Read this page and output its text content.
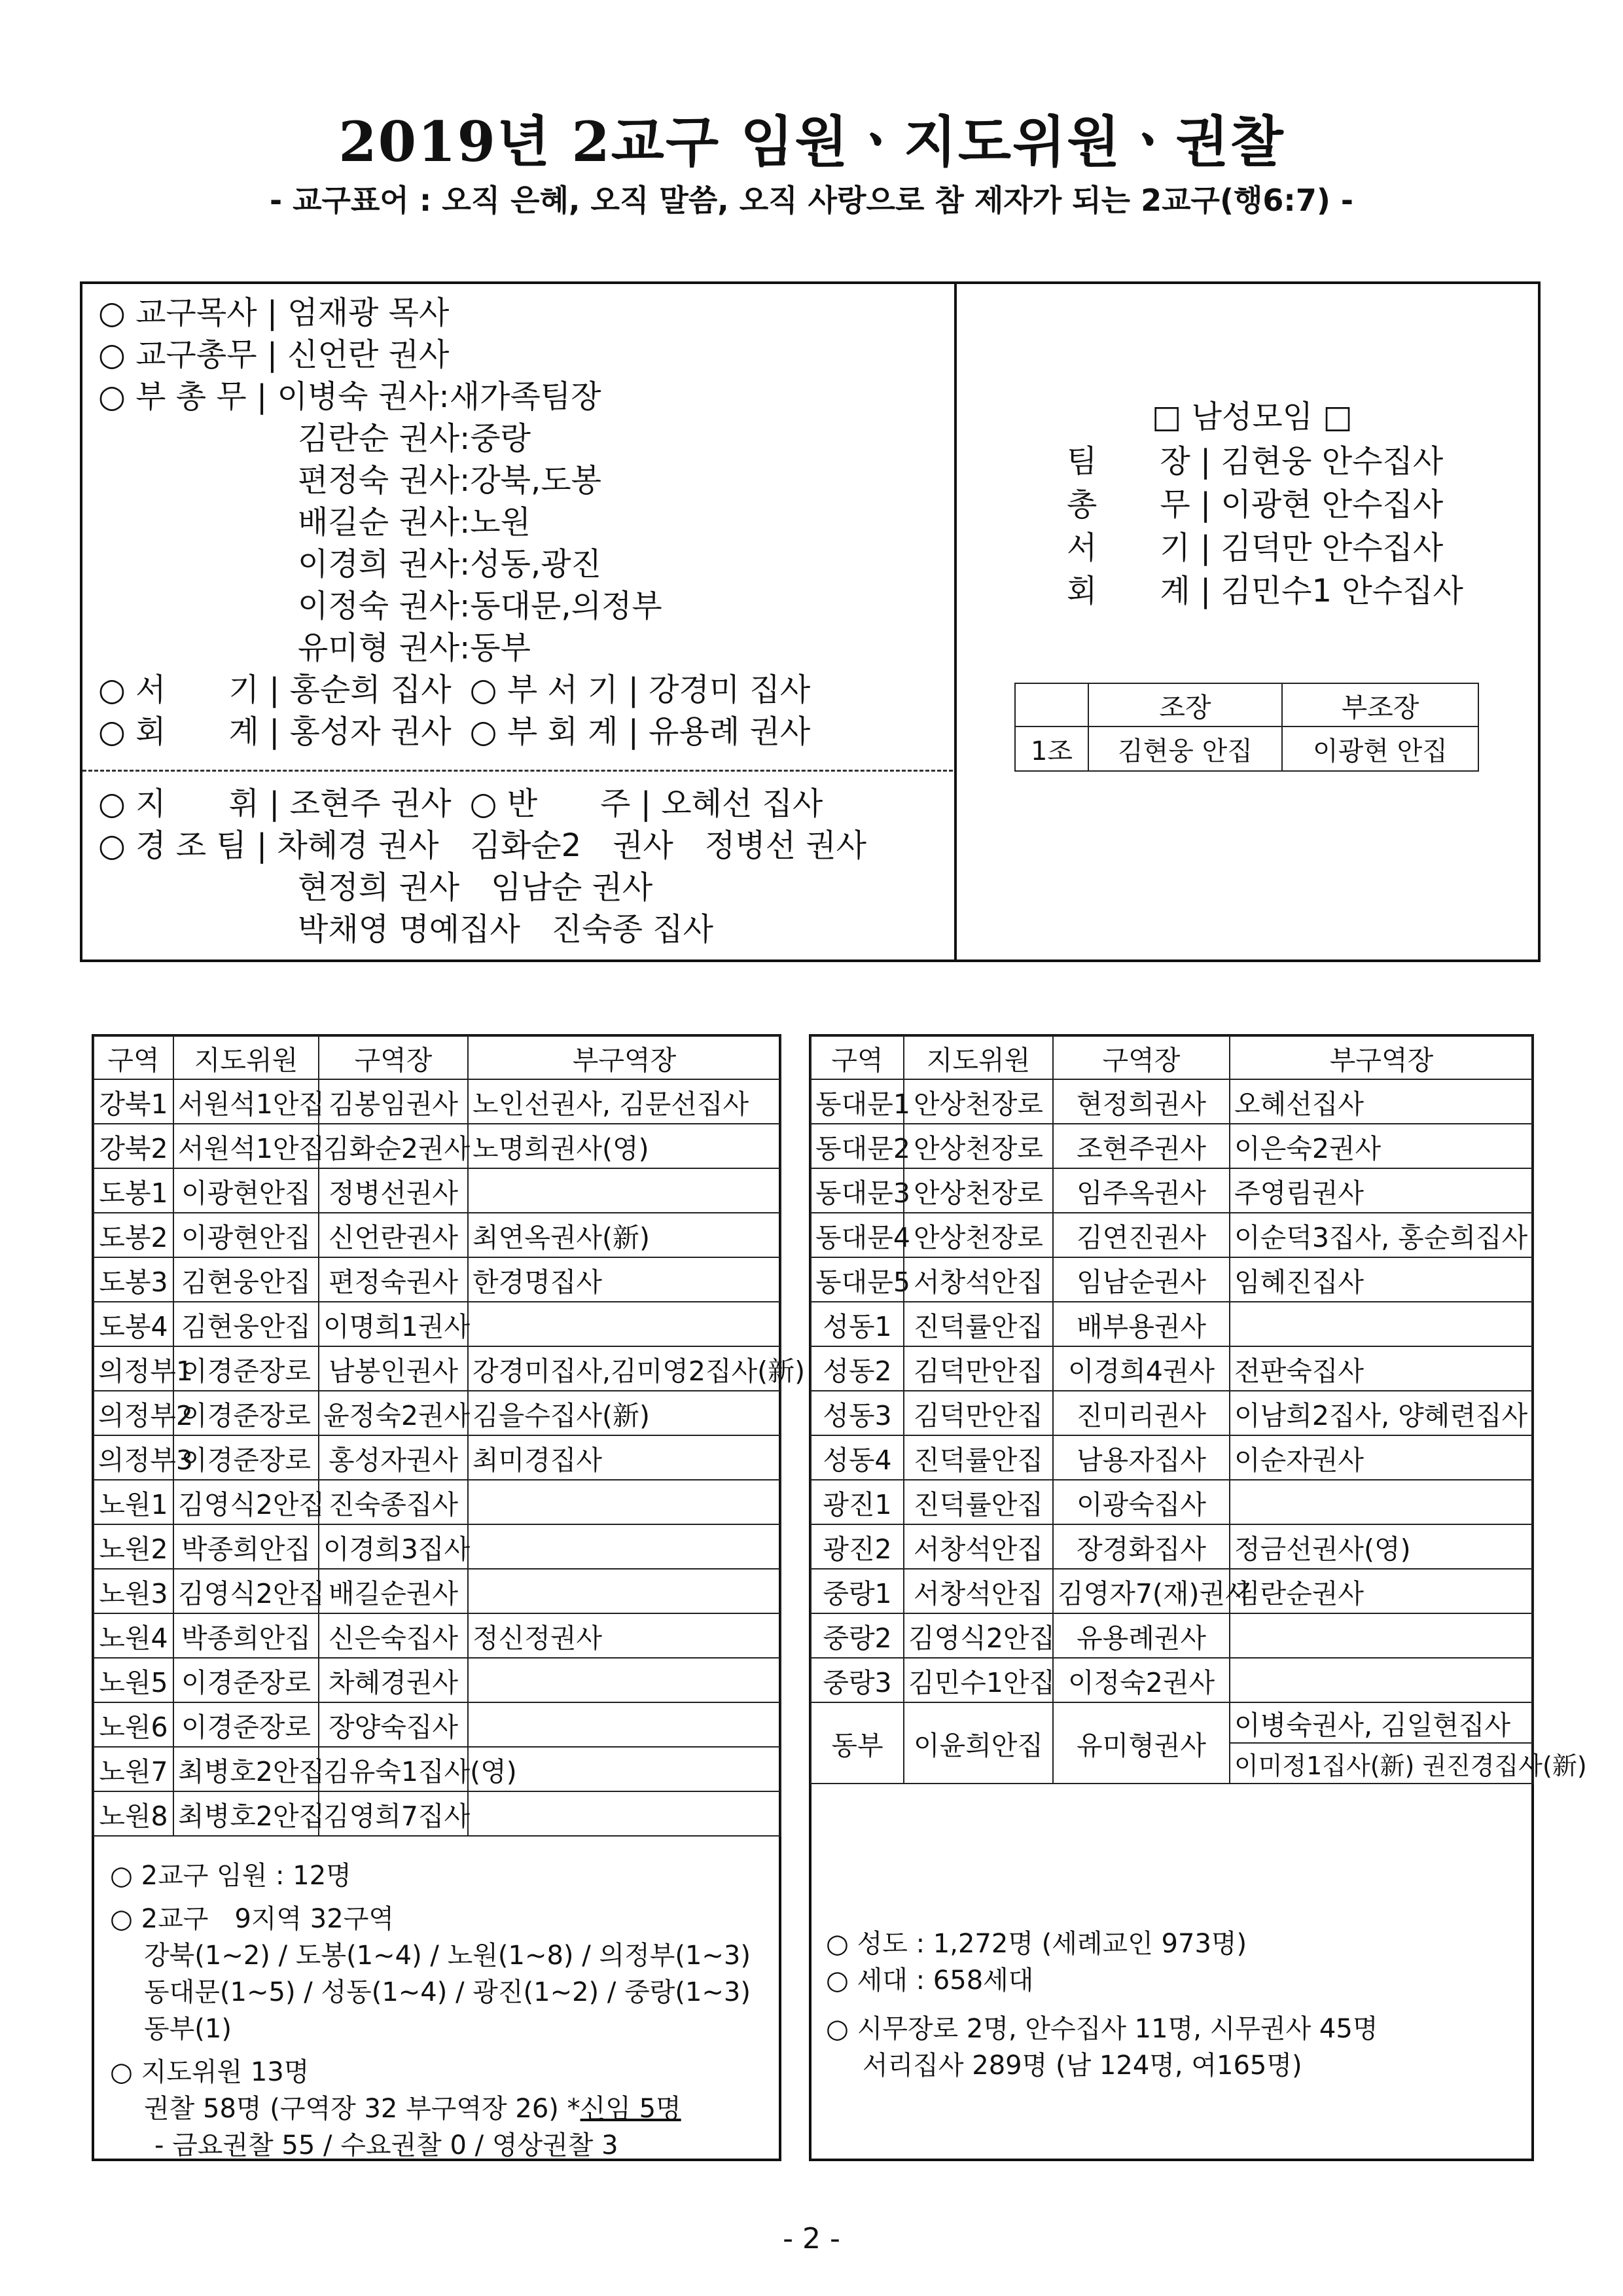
2019년 2교구 임원ㆍ지도위원ㆍ권찰
- 교구표어 : 오직 은혜, 오직 말씀, 오직 사랑으로 참 제자가 되는 2교구(행6:7) -
○ 교구목사 | 엄재광 목사
○ 교구총무 | 신언란 권사
○ 부 총 무 | 이병숙 권사:새가족팀장
김란순 권사:중랑
편정숙 권사:강북,도봉
배길순 권사:노원
이경희 권사:성동,광진
이정숙 권사:동대문,의정부
유미형 권사:동부
○ 서　　기 | 홍순희 집사 ○ 부 서 기 | 강경미 집사
○ 회　　계 | 홍성자 권사 ○ 부 회 계 | 유용례 권사
○ 지　　휘 | 조현주 권사 ○ 반　　주 | 오혜선 집사
○ 경 조 팀 | 차혜경 권사　김화순2　권사　정병선 권사
현정희 권사　임남순 권사
박채영 명예집사　진숙종 집사
□ 남성모임 □
팀　　장 | 김현웅 안수집사
총　　무 | 이광현 안수집사
서　　기 | 김덕만 안수집사
회　　계 | 김민수1 안수집사
	조장	부조장
1조	김현웅 안집	이광현 안집
구역	지도위원	구역장	부구역장
강북1	서원석1안집	김봉임권사	노인선권사, 김문선집사
강북2	서원석1안집	김화순2권사	노명희권사(영)
도봉1	이광현안집	정병선권사	
도봉2	이광현안집	신언란권사	최연옥권사(新)
도봉3	김현웅안집	편정숙권사	한경명집사
도봉4	김현웅안집	이명희1권사	
의정부1	이경준장로	남봉인권사	강경미집사,김미영2집사(新)
의정부2	이경준장로	윤정숙2권사	김을수집사(新)
의정부3	이경준장로	홍성자권사	최미경집사
노원1	김영식2안집	진숙종집사	
노원2	박종희안집	이경희3집사	
노원3	김영식2안집	배길순권사	
노원4	박종희안집	신은숙집사	정신정권사
노원5	이경준장로	차혜경권사	
노원6	이경준장로	장양숙집사	
노원7	최병호2안집	김유숙1집사(영)	
노원8	최병호2안집	김영희7집사	
○ 2교구 임원 : 12명
○ 2교구　9지역 32구역
강북(1~2) / 도봉(1~4) / 노원(1~8) / 의정부(1~3)
동대문(1~5) / 성동(1~4) / 광진(1~2) / 중랑(1~3)
동부(1)
○ 지도위원 13명
권찰 58명 (구역장 32 부구역장 26) *신임 5명
- 금요권찰 55 / 수요권찰 0 / 영상권찰 3
구역	지도위원	구역장	부구역장
동대문1	안상천장로	현정희권사	오혜선집사
동대문2	안상천장로	조현주권사	이은숙2권사
동대문3	안상천장로	임주옥권사	주영림권사
동대문4	안상천장로	김연진권사	이순덕3집사, 홍순희집사
동대문5	서창석안집	임남순권사	임혜진집사
성동1	진덕률안집	배부용권사	
성동2	김덕만안집	이경희4권사	전판숙집사
성동3	김덕만안집	진미리권사	이남희2집사, 양혜련집사
성동4	진덕률안집	남용자집사	이순자권사
광진1	진덕률안집	이광숙집사	
광진2	서창석안집	장경화집사	정금선권사(영)
중랑1	서창석안집	김영자7(재)권사	김란순권사
중랑2	김영식2안집	유용례권사	
중랑3	김민수1안집	이정숙2권사	
동부	이윤희안집	유미형권사	이병숙권사, 김일현집사
			이미정1집사(新) 권진경집사(新)
○ 성도 : 1,272명 (세례교인 973명)
○ 세대 : 658세대
○ 시무장로 2명, 안수집사 11명, 시무권사 45명
서리집사 289명 (남 124명, 여165명)
- 2 -
